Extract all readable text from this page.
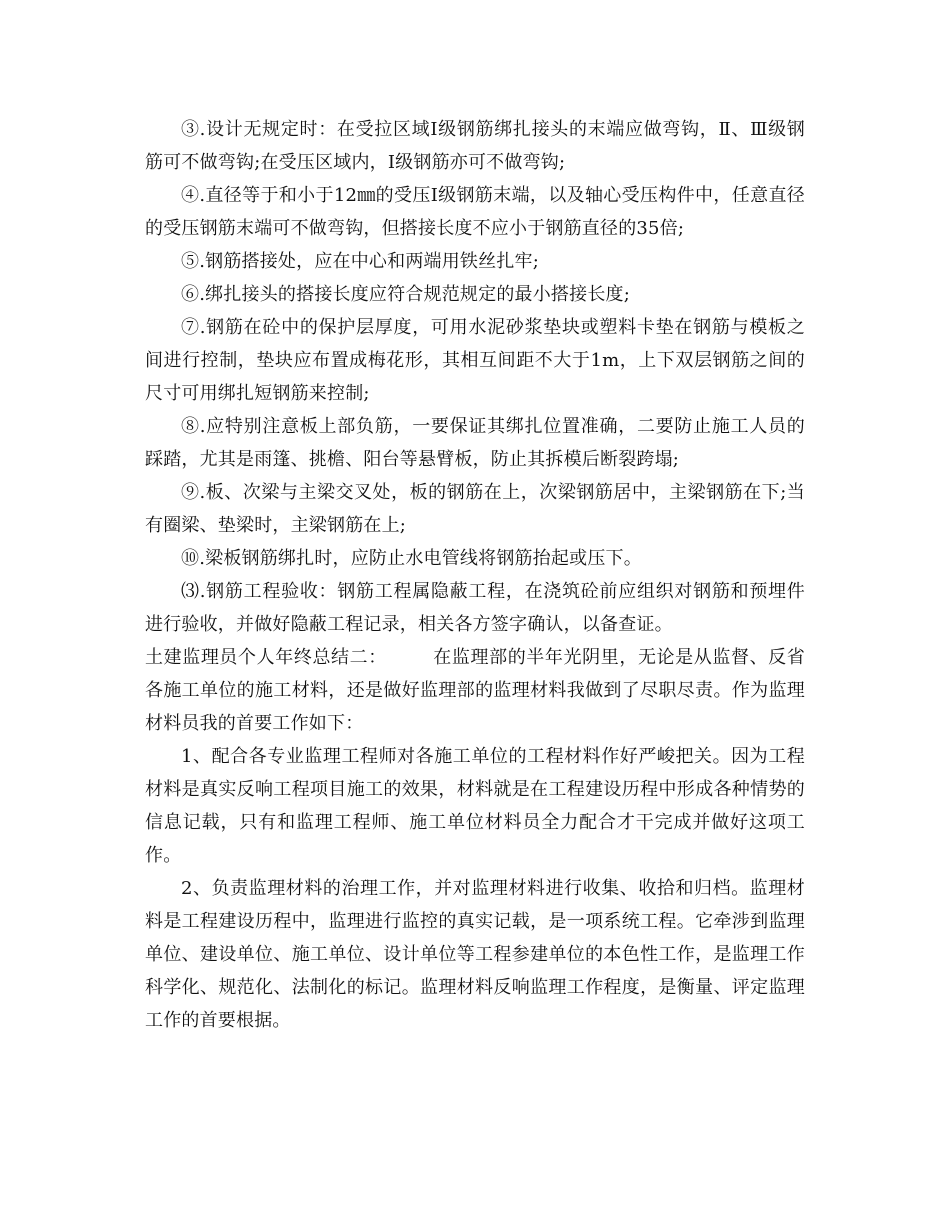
③.设计无规定时：在受拉区域Ⅰ级钢筋绑扎接头的末端应做弯钩，Ⅱ、Ⅲ级钢筋可不做弯钩;在受压区域内，Ⅰ级钢筋亦可不做弯钩;

④.直径等于和小于12㎜的受压Ⅰ级钢筋末端，以及轴心受压构件中，任意直径的受压钢筋末端可不做弯钩，但搭接长度不应小于钢筋直径的35倍;

⑤.钢筋搭接处，应在中心和两端用铁丝扎牢;

⑥.绑扎接头的搭接长度应符合规范规定的最小搭接长度;

⑦.钢筋在砼中的保护层厚度，可用水泥砂浆垫块或塑料卡垫在钢筋与模板之间进行控制，垫块应布置成梅花形，其相互间距不大于1m，上下双层钢筋之间的尺寸可用绑扎短钢筋来控制;

⑧.应特别注意板上部负筋，一要保证其绑扎位置准确，二要防止施工人员的踩踏，尤其是雨篷、挑檐、阳台等悬臂板，防止其拆模后断裂跨塌;

⑨.板、次梁与主梁交叉处，板的钢筋在上，次梁钢筋居中，主梁钢筋在下;当有圈梁、垫梁时，主梁钢筋在上;

⑩.梁板钢筋绑扎时，应防止水电管线将钢筋抬起或压下。

⑶.钢筋工程验收：钢筋工程属隐蔽工程，在浇筑砼前应组织对钢筋和预埋件进行验收，并做好隐蔽工程记录，相关各方签字确认，以备查证。

土建监理员个人年终总结二：	在监理部的半年光阴里，无论是从监督、反省各施工单位的施工材料，还是做好监理部的监理材料我做到了尽职尽责。作为监理材料员我的首要工作如下：

1、配合各专业监理工程师对各施工单位的工程材料作好严峻把关。因为工程材料是真实反响工程项目施工的效果，材料就是在工程建设历程中形成各种情势的信息记载，只有和监理工程师、施工单位材料员全力配合才干完成并做好这项工作。

2、负责监理材料的治理工作，并对监理材料进行收集、收拾和归档。监理材料是工程建设历程中，监理进行监控的真实记载，是一项系统工程。它牵涉到监理单位、建设单位、施工单位、设计单位等工程参建单位的本色性工作，是监理工作科学化、规范化、法制化的标记。监理材料反响监理工作程度，是衡量、评定监理工作的首要根据。
